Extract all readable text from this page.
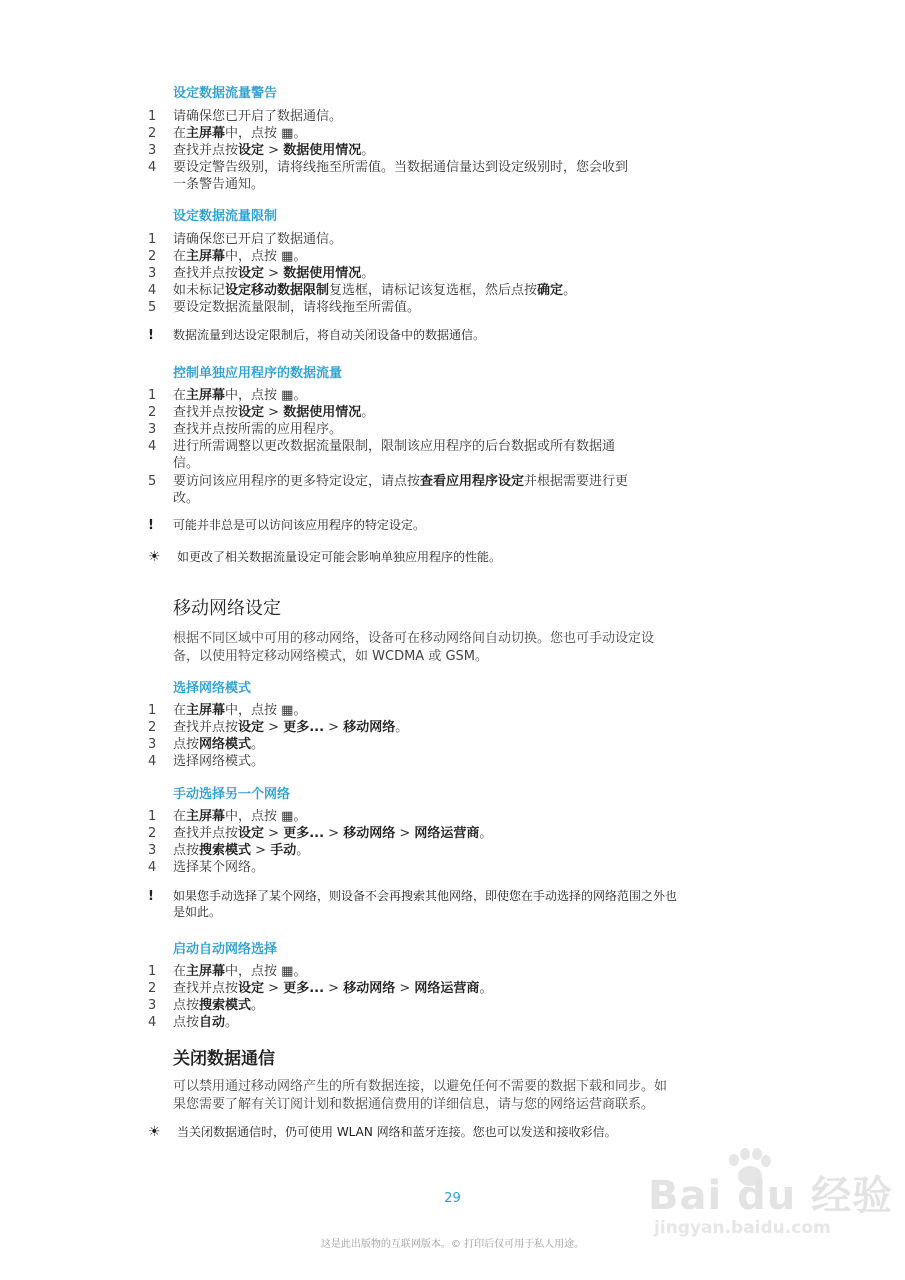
设定数据流量警告
1	请确保您已开启了数据通信。
2	在主屏幕中，点按 ▦。
3	查找并点按设定 > 数据使用情况。
4	要设定警告级别，请将线拖至所需值。当数据通信量达到设定级别时，您会收到
一条警告通知。
设定数据流量限制
1	请确保您已开启了数据通信。
2	在主屏幕中，点按 ▦。
3	查找并点按设定 > 数据使用情况。
4	如未标记设定移动数据限制复选框，请标记该复选框，然后点按确定。
5	要设定数据流量限制，请将线拖至所需值。
!	数据流量到达设定限制后，将自动关闭设备中的数据通信。
控制单独应用程序的数据流量
1	在主屏幕中，点按 ▦。
2	查找并点按设定 > 数据使用情况。
3	查找并点按所需的应用程序。
4	进行所需调整以更改数据流量限制，限制该应用程序的后台数据或所有数据通
信。
5	要访问该应用程序的更多特定设定，请点按查看应用程序设定并根据需要进行更
改。
!	可能并非总是可以访问该应用程序的特定设定。
☀	如更改了相关数据流量设定可能会影响单独应用程序的性能。
移动网络设定
根据不同区域中可用的移动网络，设备可在移动网络间自动切换。您也可手动设定设
备，以使用特定移动网络模式，如 WCDMA 或 GSM。
选择网络模式
1	在主屏幕中，点按 ▦。
2	查找并点按设定 > 更多... > 移动网络。
3	点按网络模式。
4	选择网络模式。
手动选择另一个网络
1	在主屏幕中，点按 ▦。
2	查找并点按设定 > 更多... > 移动网络 > 网络运营商。
3	点按搜索模式 > 手动。
4	选择某个网络。
!	如果您手动选择了某个网络，则设备不会再搜索其他网络，即使您在手动选择的网络范围之外也
是如此。
启动自动网络选择
1	在主屏幕中，点按 ▦。
2	查找并点按设定 > 更多... > 移动网络 > 网络运营商。
3	点按搜索模式。
4	点按自动。
关闭数据通信
可以禁用通过移动网络产生的所有数据连接，以避免任何不需要的数据下载和同步。如
果您需要了解有关订阅计划和数据通信费用的详细信息，请与您的网络运营商联系。
☀	当关闭数据通信时，仍可使用 WLAN 网络和蓝牙连接。您也可以发送和接收彩信。
Bai du 经验
jingyan.baidu.com
29
这是此出版物的互联网版本。© 打印后仅可用于私人用途。
